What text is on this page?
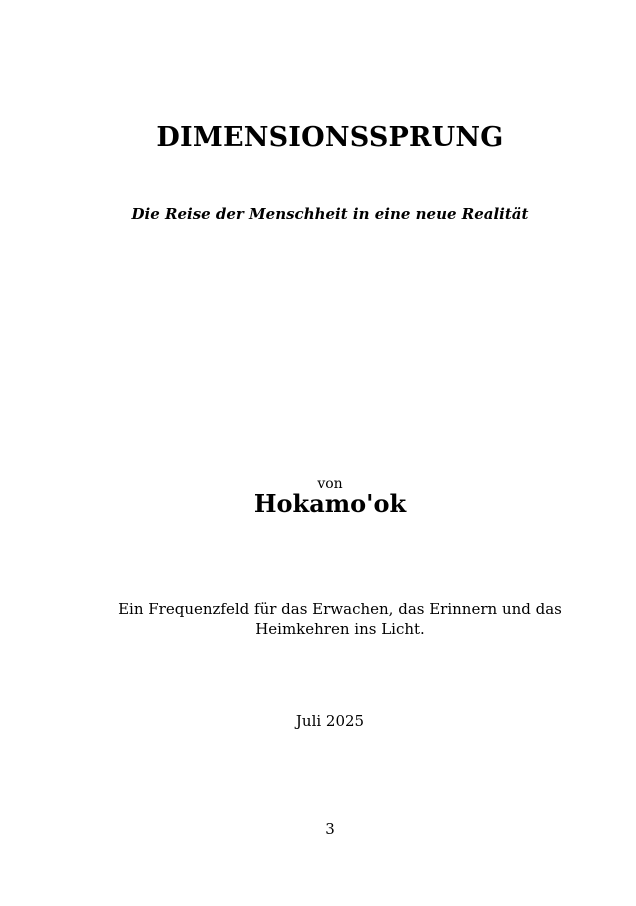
DIMENSIONSSPRUNG
Die Reise der Menschheit in eine neue Realität
von
Hokamo'ok
Ein Frequenzfeld für das Erwachen, das Erinnern und das
Heimkehren ins Licht.
Juli 2025
3
